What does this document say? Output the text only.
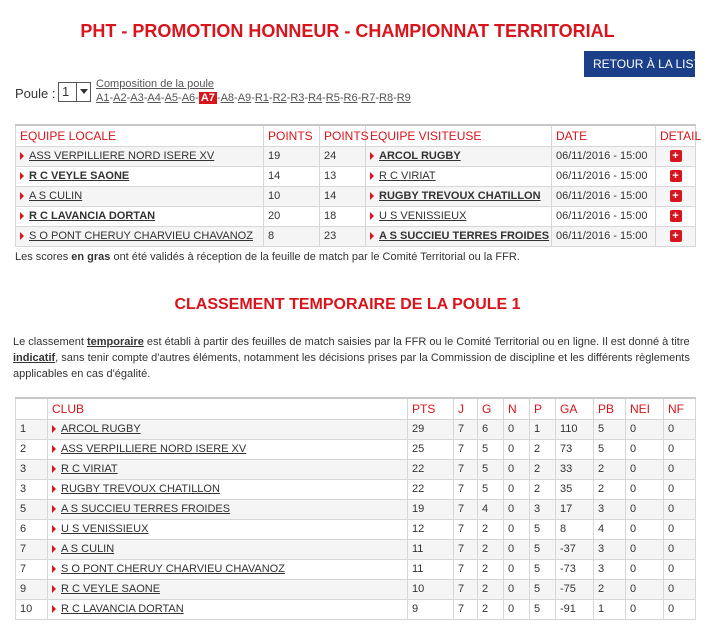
PHT - PROMOTION HONNEUR - CHAMPIONNAT TERRITORIAL
RETOUR À LA LISTE
Poule : 1	Composition de la poule
A1 - A2 - A3 - A4 - A5 - A6 - A7 - A8 - A9 - R1 - R2 - R3 - R4 - R5 - R6 - R7 - R8 - R9
EQUIPE LOCALE	POINTS	POINTS	EQUIPE VISITEUSE	DATE	DETAIL
ASS VERPILLIERE NORD ISERE XV	19	24	ARCOL RUGBY	06/11/2016 - 15:00	+
R C VEYLE SAONE	14	13	R C VIRIAT	06/11/2016 - 15:00	+
A S CULIN	10	14	RUGBY TREVOUX CHATILLON	06/11/2016 - 15:00	+
R C LAVANCIA DORTAN	20	18	U S VENISSIEUX	06/11/2016 - 15:00	+
S O PONT CHERUY CHARVIEU CHAVANOZ	8	23	A S SUCCIEU TERRES FROIDES	06/11/2016 - 15:00	+
Les scores en gras ont été validés à réception de la feuille de match par le Comité Territorial ou la FFR.
CLASSEMENT TEMPORAIRE DE LA POULE 1
Le classement temporaire est établi à partir des feuilles de match saisies par la FFR ou le Comité Territorial ou en ligne. Il est donné à titre indicatif, sans tenir compte d'autres éléments, notamment les décisions prises par la Commission de discipline et les différents règlements applicables en cas d'égalité.
	CLUB	PTS	J	G	N	P	GA	PB	NEI	NF
1	ARCOL RUGBY	29	7	6	0	1	110	5	0	0
2	ASS VERPILLIERE NORD ISERE XV	25	7	5	0	2	73	5	0	0
3	R C VIRIAT	22	7	5	0	2	33	2	0	0
3	RUGBY TREVOUX CHATILLON	22	7	5	0	2	35	2	0	0
5	A S SUCCIEU TERRES FROIDES	19	7	4	0	3	17	3	0	0
6	U S VENISSIEUX	12	7	2	0	5	8	4	0	0
7	A S CULIN	11	7	2	0	5	-37	3	0	0
7	S O PONT CHERUY CHARVIEU CHAVANOZ	11	7	2	0	5	-73	3	0	0
9	R C VEYLE SAONE	10	7	2	0	5	-75	2	0	0
10	R C LAVANCIA DORTAN	9	7	2	0	5	-91	1	0	0
